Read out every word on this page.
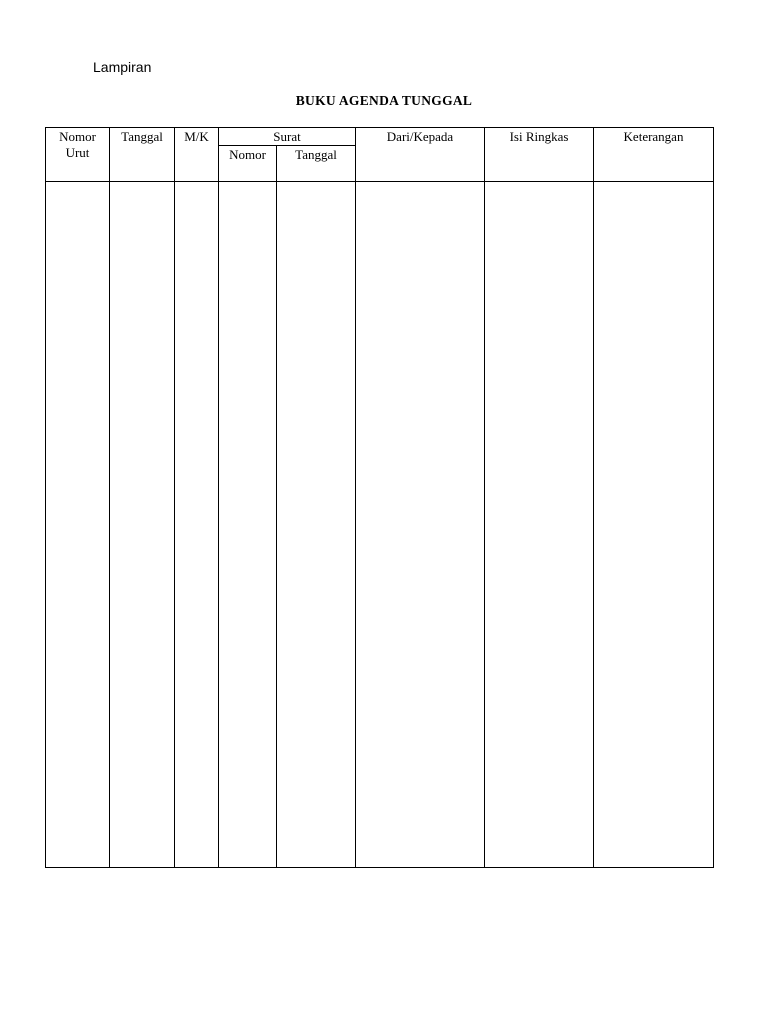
Lampiran
BUKU AGENDA TUNGGAL
Nomor Urut	Tanggal	M/K	Surat		Dari/Kepada	Isi Ringkas	Keterangan
			Nomor	Tanggal			
